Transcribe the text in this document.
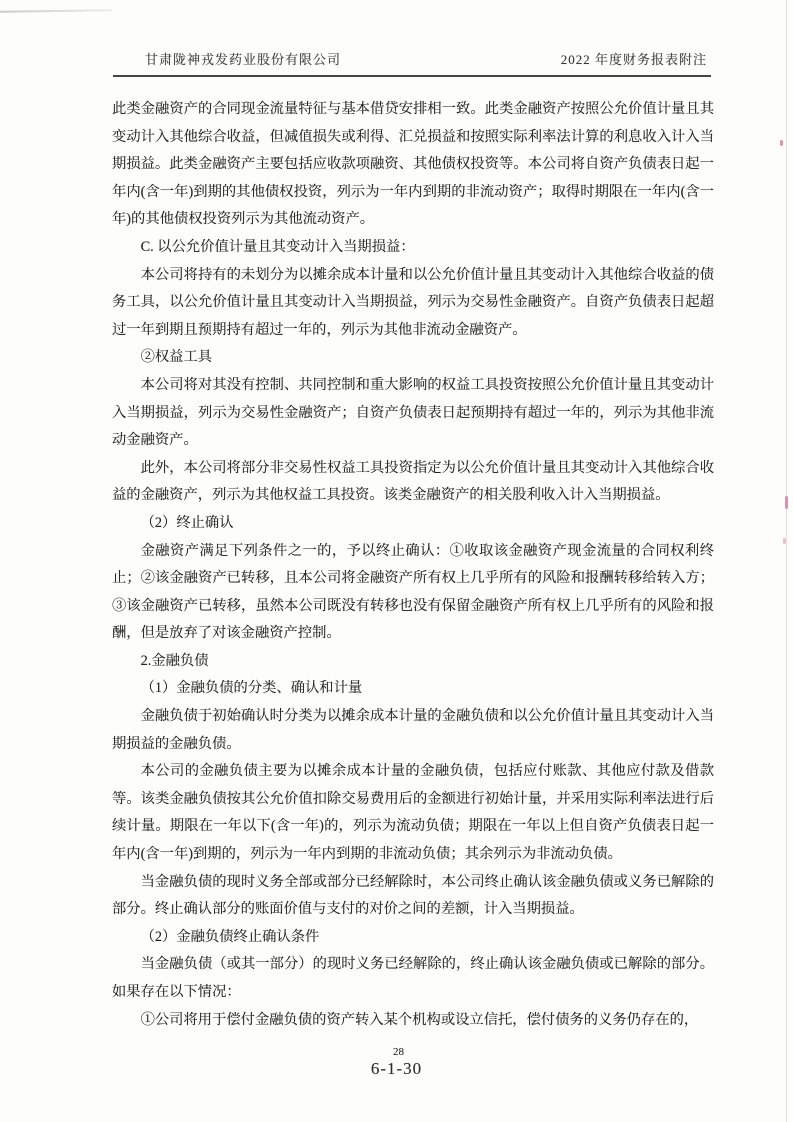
甘肃陇神戎发药业股份有限公司	2022 年度财务报表附注

此类金融资产的合同现金流量特征与基本借贷安排相一致。此类金融资产按照公允价值计量且其变动计入其他综合收益，但减值损失或利得、汇兑损益和按照实际利率法计算的利息收入计入当期损益。此类金融资产主要包括应收款项融资、其他债权投资等。本公司将自资产负债表日起一年内(含一年)到期的其他债权投资，列示为一年内到期的非流动资产；取得时期限在一年内(含一年)的其他债权投资列示为其他流动资产。

C. 以公允价值计量且其变动计入当期损益：

本公司将持有的未划分为以摊余成本计量和以公允价值计量且其变动计入其他综合收益的债务工具，以公允价值计量且其变动计入当期损益，列示为交易性金融资产。自资产负债表日起超过一年到期且预期持有超过一年的，列示为其他非流动金融资产。

②权益工具

本公司将对其没有控制、共同控制和重大影响的权益工具投资按照公允价值计量且其变动计入当期损益，列示为交易性金融资产；自资产负债表日起预期持有超过一年的，列示为其他非流动金融资产。

此外，本公司将部分非交易性权益工具投资指定为以公允价值计量且其变动计入其他综合收益的金融资产，列示为其他权益工具投资。该类金融资产的相关股利收入计入当期损益。

（2）终止确认

金融资产满足下列条件之一的，予以终止确认：①收取该金融资产现金流量的合同权利终止；②该金融资产已转移，且本公司将金融资产所有权上几乎所有的风险和报酬转移给转入方；③该金融资产已转移，虽然本公司既没有转移也没有保留金融资产所有权上几乎所有的风险和报酬，但是放弃了对该金融资产控制。

2.金融负债

（1）金融负债的分类、确认和计量

金融负债于初始确认时分类为以摊余成本计量的金融负债和以公允价值计量且其变动计入当期损益的金融负债。

本公司的金融负债主要为以摊余成本计量的金融负债，包括应付账款、其他应付款及借款等。该类金融负债按其公允价值扣除交易费用后的金额进行初始计量，并采用实际利率法进行后续计量。期限在一年以下(含一年)的，列示为流动负债；期限在一年以上但自资产负债表日起一年内(含一年)到期的，列示为一年内到期的非流动负债；其余列示为非流动负债。

当金融负债的现时义务全部或部分已经解除时，本公司终止确认该金融负债或义务已解除的部分。终止确认部分的账面价值与支付的对价之间的差额，计入当期损益。

（2）金融负债终止确认条件

当金融负债（或其一部分）的现时义务已经解除的，终止确认该金融负债或已解除的部分。如果存在以下情况：

①公司将用于偿付金融负债的资产转入某个机构或设立信托，偿付债务的义务仍存在的，

28
6-1-30
